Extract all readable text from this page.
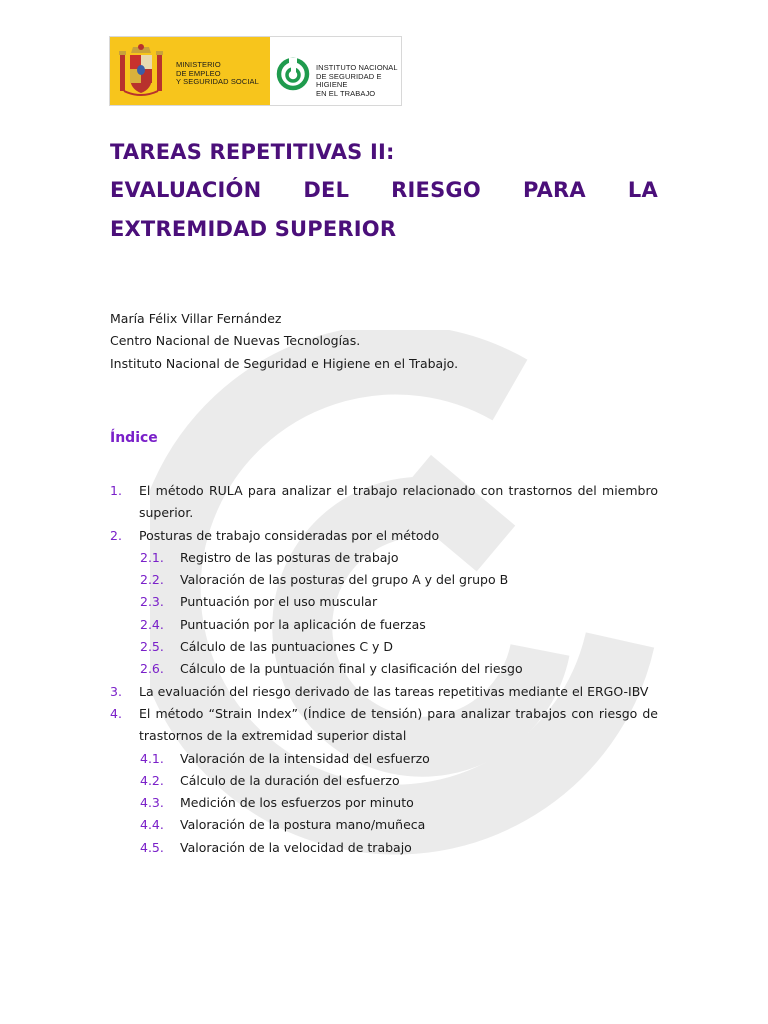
MINISTERIO
DE EMPLEO
Y SEGURIDAD SOCIAL
INSTITUTO NACIONAL
DE SEGURIDAD E HIGIENE
EN EL TRABAJO
TAREAS REPETITIVAS II:
EVALUACIÓN DEL RIESGO PARA LA
EXTREMIDAD SUPERIOR
María Félix Villar Fernández
Centro Nacional de Nuevas Tecnologías.
Instituto Nacional de Seguridad e Higiene en el Trabajo.
Índice
1.	El método RULA para analizar el trabajo relacionado con trastornos del miembro superior.
2.	Posturas de trabajo consideradas por el método
2.1.	Registro de las posturas de trabajo
2.2.	Valoración de las posturas del grupo A y del grupo B
2.3.	Puntuación por el uso muscular
2.4.	Puntuación por la aplicación de fuerzas
2.5.	Cálculo de las puntuaciones C y D
2.6.	Cálculo de la puntuación final y clasificación del riesgo
3.	La evaluación del riesgo derivado de las tareas repetitivas mediante el ERGO-IBV
4.	El método “Strain Index” (Índice de tensión) para analizar trabajos con riesgo de trastornos de la extremidad superior distal
4.1.	Valoración de la intensidad del esfuerzo
4.2.	Cálculo de la duración del esfuerzo
4.3.	Medición de los esfuerzos por minuto
4.4.	Valoración de la postura mano/muñeca
4.5.	Valoración de la velocidad de trabajo
